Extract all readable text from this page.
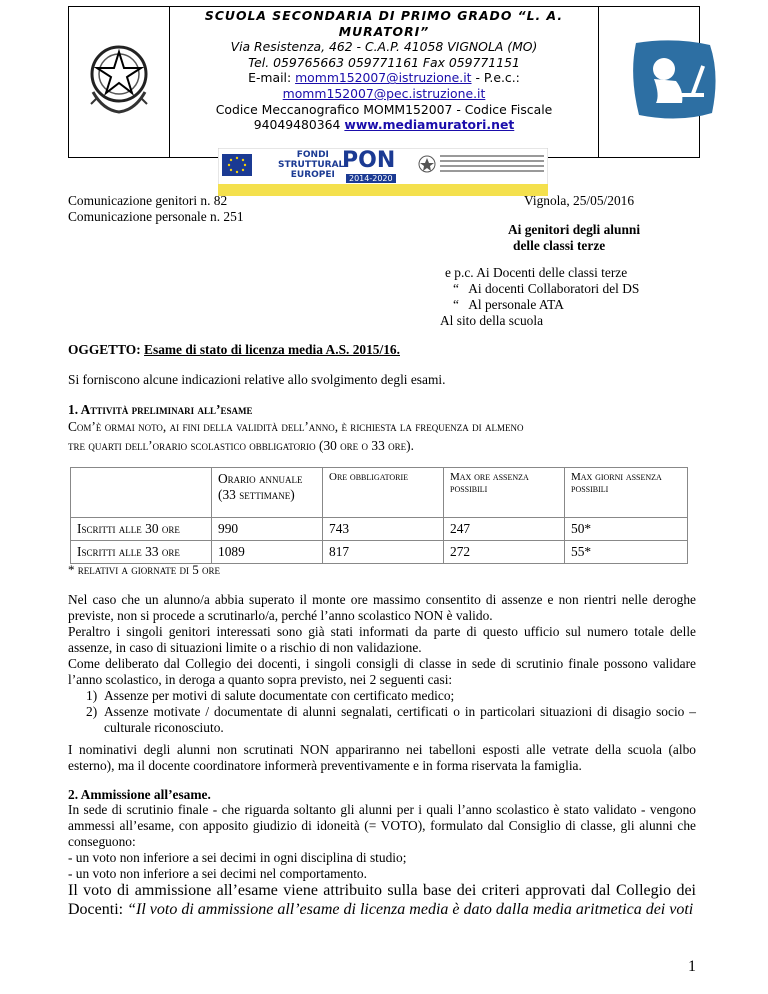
SCUOLA SECONDARIA DI PRIMO GRADO “L. A. MURATORI”
Via Resistenza, 462 - C.A.P. 41058 VIGNOLA (MO)
Tel. 059765663 059771161 Fax 059771151
E-mail: momm152007@istruzione.it - P.e.c.:
momm152007@pec.istruzione.it
Codice Meccanografico MOMM152007 - Codice Fiscale
94049480364 www.mediamuratori.net
FONDI
STRUTTURALI
EUROPEI
PON
2014-2020
Comunicazione genitori n. 82
Comunicazione personale n. 251
Vignola, 25/05/2016
Ai genitori degli alunni
delle classi terze
e p.c. Ai Docenti delle classi terze
“   Ai docenti Collaboratori del DS
“   Al personale ATA
Al sito della scuola
OGGETTO: Esame di stato di licenza media A.S. 2015/16.
Si forniscono alcune indicazioni relative allo svolgimento degli esami.
1. Attività preliminari all’esame
Com’è ormai noto, ai fini della validità dell’anno, è richiesta la frequenza di almeno
tre quarti dell’orario scolastico obbligatorio (30 ore o 33 ore).
	Orario annuale (33 settimane)	Ore obbligatorie	Max ore assenza possibili	Max giorni assenza possibili
Iscritti alle 30 ore	990	743	247	50*
Iscritti alle 33 ore	1089	817	272	55*
* relativi a giornate di 5 ore

Nel caso che un alunno/a abbia superato il monte ore massimo consentito di assenze e non rientri nelle deroghe previste, non si procede a scrutinarlo/a, perché l’anno scolastico NON è valido.

Peraltro i singoli genitori interessati sono già stati informati da parte di questo ufficio sul numero totale delle assenze, in caso di situazioni limite o a rischio di non validazione.

Come deliberato dal Collegio dei docenti, i singoli consigli di classe in sede di scrutinio finale possono validare l’anno scolastico, in deroga a quanto sopra previsto, nei 2 seguenti casi:

1) Assenze per motivi di salute documentate con certificato medico;
2) Assenze motivate / documentate di alunni segnalati, certificati o in particolari situazioni di disagio socio – culturale riconosciuto.
I nominativi degli alunni non scrutinati NON appariranno nei tabelloni esposti alle vetrate della scuola (albo esterno), ma il docente coordinatore informerà preventivamente e in forma riservata la famiglia.
2. Ammissione all’esame.

In sede di scrutinio finale - che riguarda soltanto gli alunni per i quali l’anno scolastico è stato validato - vengono ammessi all’esame, con apposito giudizio di idoneità (= VOTO), formulato dal Consiglio di classe, gli alunni che conseguono:

- un voto non inferiore a sei decimi in ogni disciplina di studio;

- un voto non inferiore a sei decimi nel comportamento.

Il voto di ammissione all’esame viene attribuito sulla base dei criteri approvati dal Collegio dei Docenti: “Il voto di ammissione all’esame di licenza media è dato dalla media aritmetica dei voti
1
